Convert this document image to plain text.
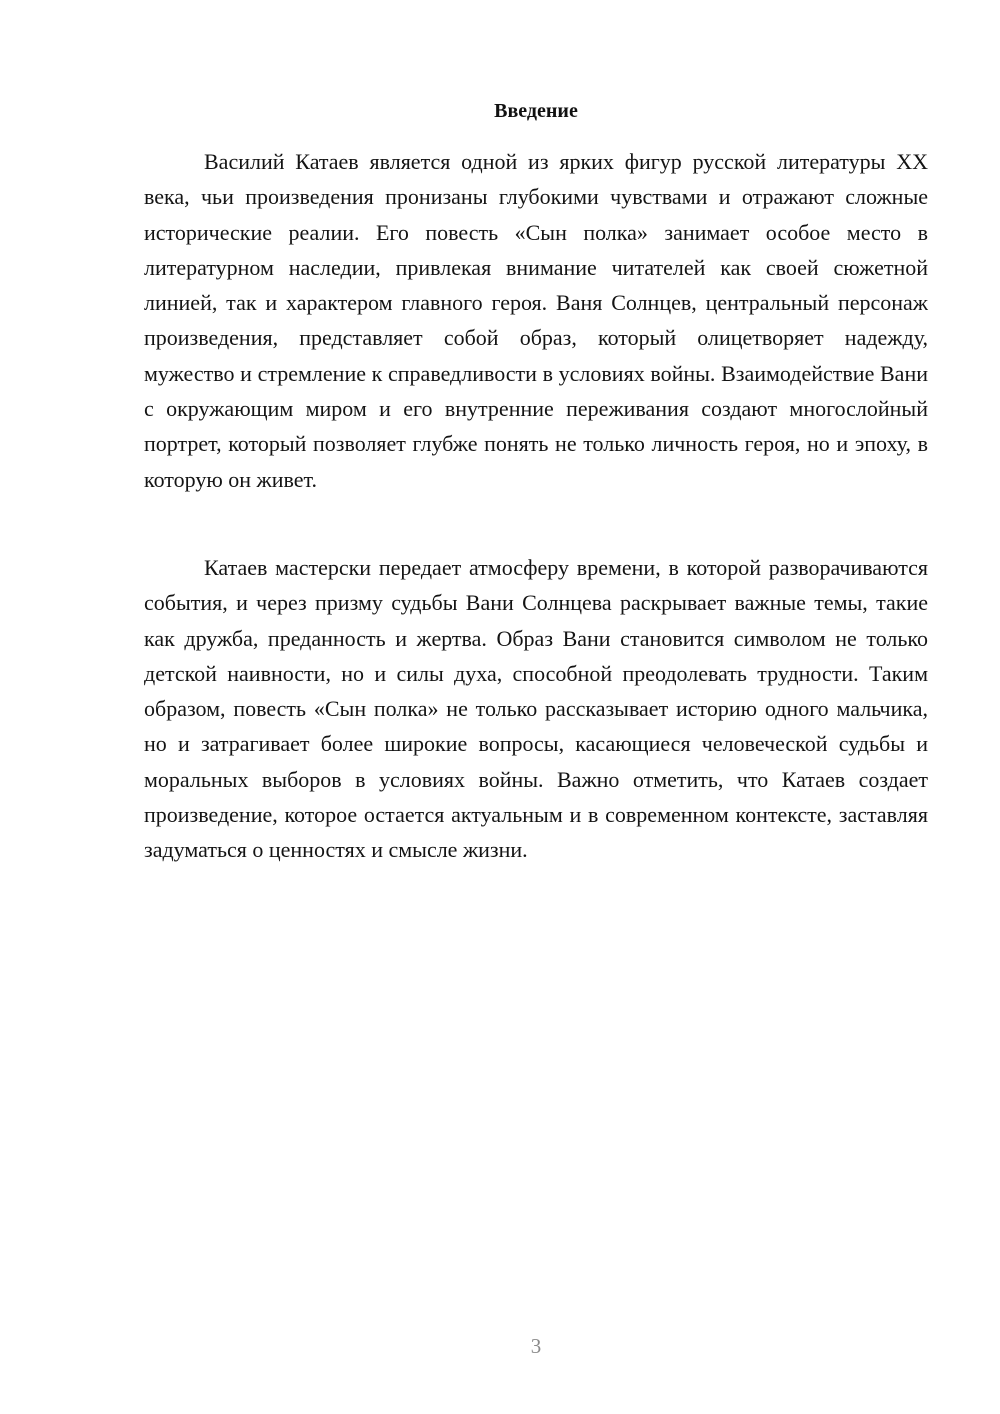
Введение

Василий Катаев является одной из ярких фигур русской литературы XX века, чьи произведения пронизаны глубокими чувствами и отражают сложные исторические реалии. Его повесть «Сын полка» занимает особое место в литературном наследии, привлекая внимание читателей как своей сюжетной линией, так и характером главного героя. Ваня Солнцев, центральный персонаж произведения, представляет собой образ, который олицетворяет надежду, мужество и стремление к справедливости в условиях войны. Взаимодействие Вани с окружающим миром и его внутренние переживания создают многослойный портрет, который позволяет глубже понять не только личность героя, но и эпоху, в которую он живет.

Катаев мастерски передает атмосферу времени, в которой разворачиваются события, и через призму судьбы Вани Солнцева раскрывает важные темы, такие как дружба, преданность и жертва. Образ Вани становится символом не только детской наивности, но и силы духа, способной преодолевать трудности. Таким образом, повесть «Сын полка» не только рассказывает историю одного мальчика, но и затрагивает более широкие вопросы, касающиеся человеческой судьбы и моральных выборов в условиях войны. Важно отметить, что Катаев создает произведение, которое остается актуальным и в современном контексте, заставляя задуматься о ценностях и смысле жизни.

3
